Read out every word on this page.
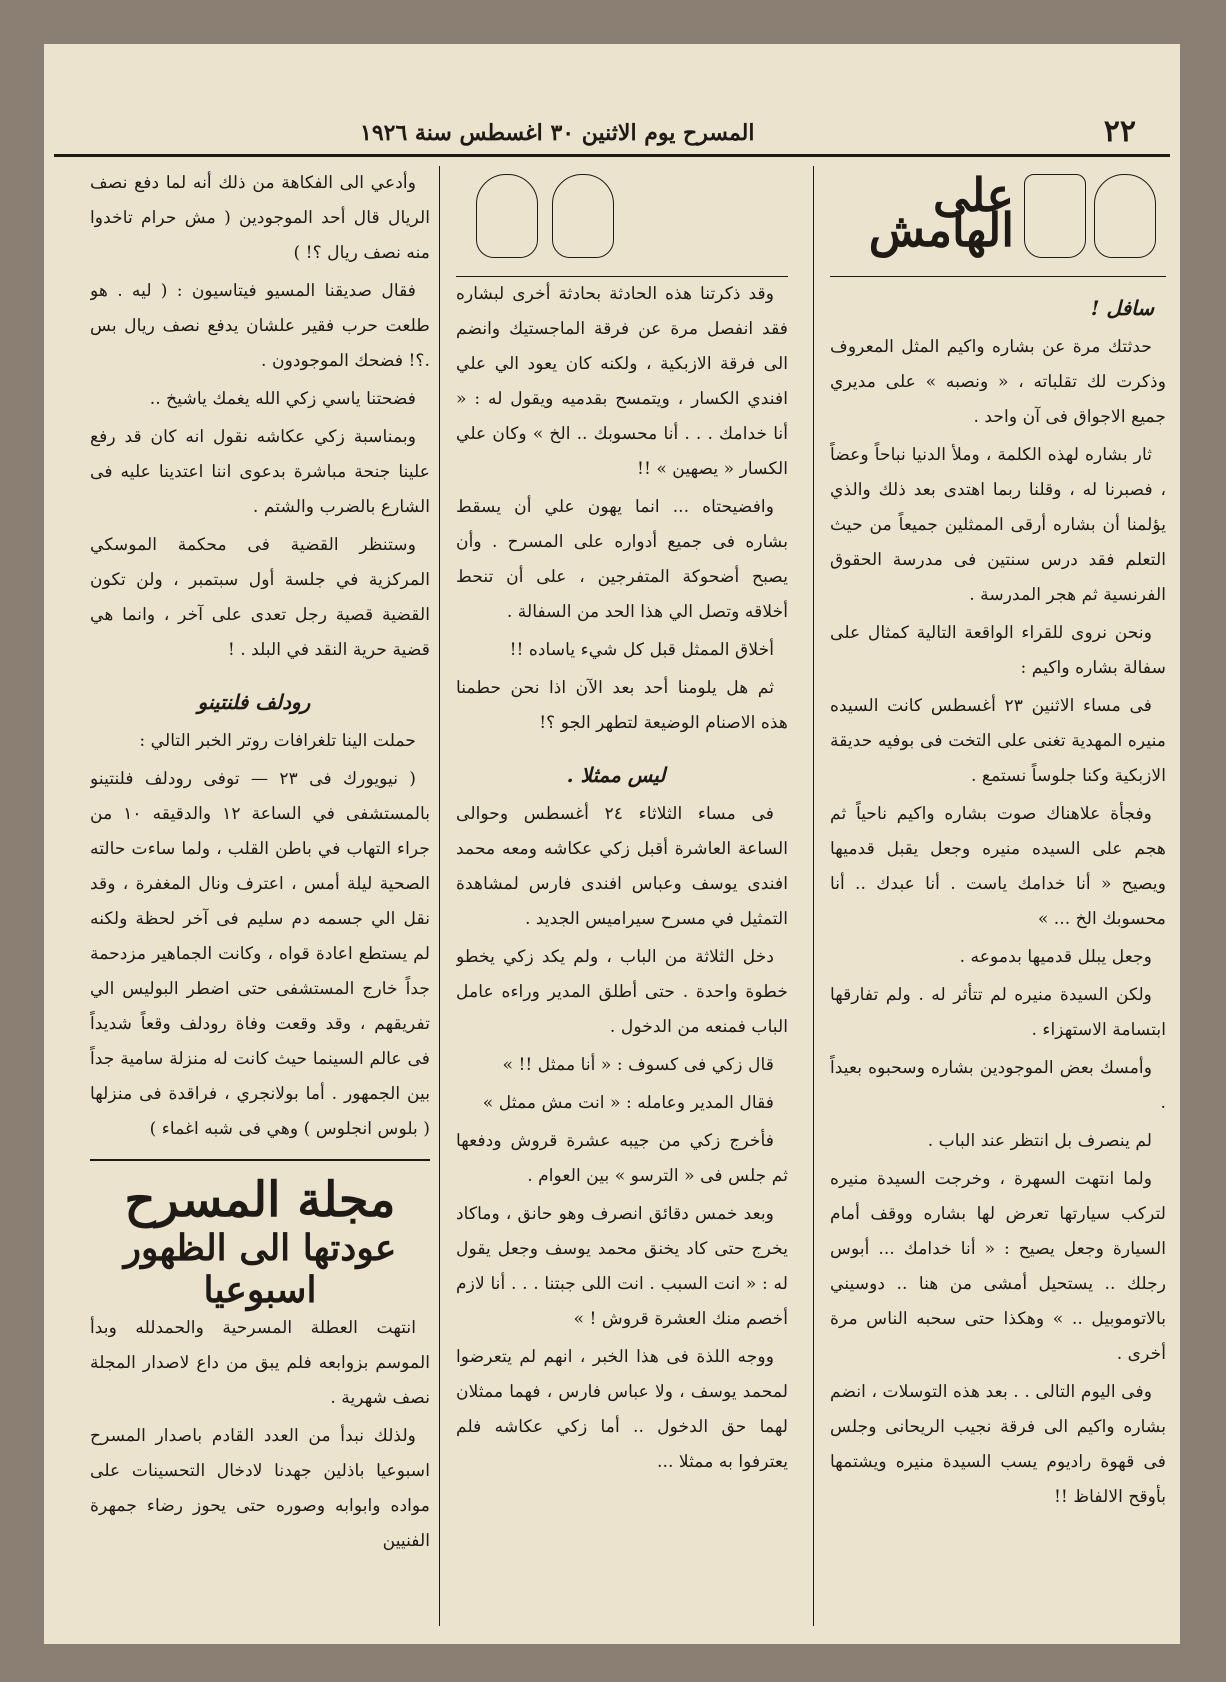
٢٢
المسرح يوم الاثنين ٣٠ اغسطس سنة ١٩٢٦
على الهامش
سافل !

حدثتك مرة عن بشاره واكيم المثل المعروف وذكرت لك تقلباته ، « ونصبه » على مديري جميع الاجواق فى آن واحد .

ثار بشاره لهذه الكلمة ، وملأ الدنيا نباحاً وعضاً ، فصبرنا له ، وقلنا ربما اهتدى بعد ذلك والذي يؤلمنا أن بشاره أرقى الممثلين جميعاً من حيث التعلم فقد درس سنتين فى مدرسة الحقوق الفرنسية ثم هجر المدرسة .

ونحن نروى للقراء الواقعة التالية كمثال على سفالة بشاره واكيم :

فى مساء الاثنين ٢٣ أغسطس كانت السيده منيره المهدية تغنى على التخت فى بوفيه حديقة الازبكية وكنا جلوساً نستمع .

وفجأة علاهناك صوت بشاره واكيم ناحياً ثم هجم على السيده منيره وجعل يقبل قدميها ويصيح « أنا خدامك ياست . أنا عبدك .. أنا محسوبك الخ ... »

وجعل يبلل قدميها بدموعه .

ولكن السيدة منيره لم تتأثر له . ولم تفارقها ابتسامة الاستهزاء .

وأمسك بعض الموجودين بشاره وسحبوه بعيداً .

لم ينصرف بل انتظر عند الباب .

ولما انتهت السهرة ، وخرجت السيدة منيره لتركب سيارتها تعرض لها بشاره ووقف أمام السيارة وجعل يصيح : « أنا خدامك ... أبوس رجلك .. يستحيل أمشى من هنا .. دوسيني بالاتوموبيل .. » وهكذا حتى سحبه الناس مرة أخرى .

وفى اليوم التالى . . بعد هذه التوسلات ، انضم بشاره واكيم الى فرقة نجيب الريحانى وجلس فى قهوة راديوم يسب السيدة منيره ويشتمها بأوقح الالفاظ !!

وقد ذكرتنا هذه الحادثة بحادثة أخرى لبشاره فقد انفصل مرة عن فرقة الماجستيك وانضم الى فرقة الازبكية ، ولكنه كان يعود الي علي افندي الكسار ، ويتمسح بقدميه ويقول له : « أنا خدامك . . . أنا محسوبك .. الخ » وكان علي الكسار « يصهين » !!

وافضيحتاه ... انما يهون علي أن يسقط بشاره فى جميع أدواره على المسرح . وأن يصبح أضحوكة المتفرجين ، على أن تنحط أخلاقه وتصل الي هذا الحد من السفالة .

أخلاق الممثل قبل كل شيء ياساده !!

ثم هل يلومنا أحد بعد الآن اذا نحن حطمنا هذه الاصنام الوضيعة لتطهر الجو ؟!

ليس ممثلا .

فى مساء الثلاثاء ٢٤ أغسطس وحوالى الساعة العاشرة أقبل زكي عكاشه ومعه محمد افندى يوسف وعباس افندى فارس لمشاهدة التمثيل في مسرح سيراميس الجديد .

دخل الثلاثة من الباب ، ولم يكد زكي يخطو خطوة واحدة . حتى أطلق المدير وراءه عامل الباب فمنعه من الدخول .

قال زكي فى كسوف : « أنا ممثل !! »

فقال المدير وعامله : « انت مش ممثل »

فأخرج زكي من جيبه عشرة قروش ودفعها ثم جلس فى « الترسو » بين العوام .

وبعد خمس دقائق انصرف وهو حانق ، وماكاد يخرج حتى كاد يخنق محمد يوسف وجعل يقول له : « انت السبب . انت اللى جبتنا . . . أنا لازم أخصم منك العشرة قروش ! »

ووجه اللذة فى هذا الخبر ، انهم لم يتعرضوا لمحمد يوسف ، ولا عباس فارس ، فهما ممثلان لهما حق الدخول .. أما زكي عكاشه فلم يعترفوا به ممثلا ...

وأدعي الى الفكاهة من ذلك أنه لما دفع نصف الريال قال أحد الموجودين ( مش حرام تاخدوا منه نصف ريال ؟! )

فقال صديقنا المسيو فيتاسيون : ( ليه . هو طلعت حرب فقير علشان يدفع نصف ريال بس .؟! فضحك الموجودون .

فضحتنا ياسي زكي الله يغمك ياشيخ ..

وبمناسبة زكي عكاشه نقول انه كان قد رفع علينا جنحة مباشرة بدعوى اننا اعتدينا عليه فى الشارع بالضرب والشتم .

وستنظر القضية فى محكمة الموسكي المركزية في جلسة أول سبتمبر ، ولن تكون القضية قصية رجل تعدى على آخر ، وانما هي قضية حرية النقد في البلد . !

رودلف فلنتينو

حملت الينا تلغرافات روتر الخبر التالي :

( نيويورك فى ٢٣ — توفى رودلف فلنتينو بالمستشفى في الساعة ١٢ والدقيقه ١٠ من جراء التهاب في باطن القلب ، ولما ساءت حالته الصحية ليلة أمس ، اعترف ونال المغفرة ، وقد نقل الي جسمه دم سليم فى آخر لحظة ولكنه لم يستطع اعادة قواه ، وكانت الجماهير مزدحمة جداً خارج المستشفى حتى اضطر البوليس الي تفريقهم ، وقد وقعت وفاة رودلف وقعاً شديداً فى عالم السينما حيث كانت له منزلة سامية جداً بين الجمهور . أما بولانجري ، فراقدة فى منزلها ( بلوس انجلوس ) وهي فى شبه اغماء )

مجلة المسرح
عودتها الى الظهور
اسبوعيا

انتهت العطلة المسرحية والحمدلله وبدأ الموسم بزوابعه فلم يبق من داع لاصدار المجلة نصف شهرية .

ولذلك نبدأ من العدد القادم باصدار المسرح اسبوعيا باذلين جهدنا لادخال التحسينات على مواده وابوابه وصوره حتى يحوز رضاء جمهرة الفنيين
